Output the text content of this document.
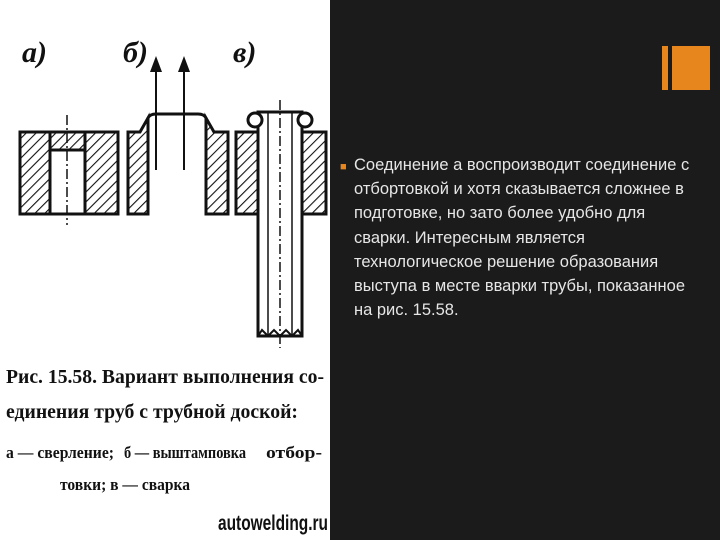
a)	б)	в)
Рис. 15.58. Вариант выполнения со-
единения труб с трубной доской:
а — сверление; б — выштамповка отбор-
товки; в — сварка
autowelding.ru
■ Соединение а воспроизводит соединение с отбортовкой и хотя сказывается сложнее в подготовке, но зато более удобно для сварки. Интересным является технологическое решение образования выступа в месте вварки трубы, показанное на рис. 15.58.
